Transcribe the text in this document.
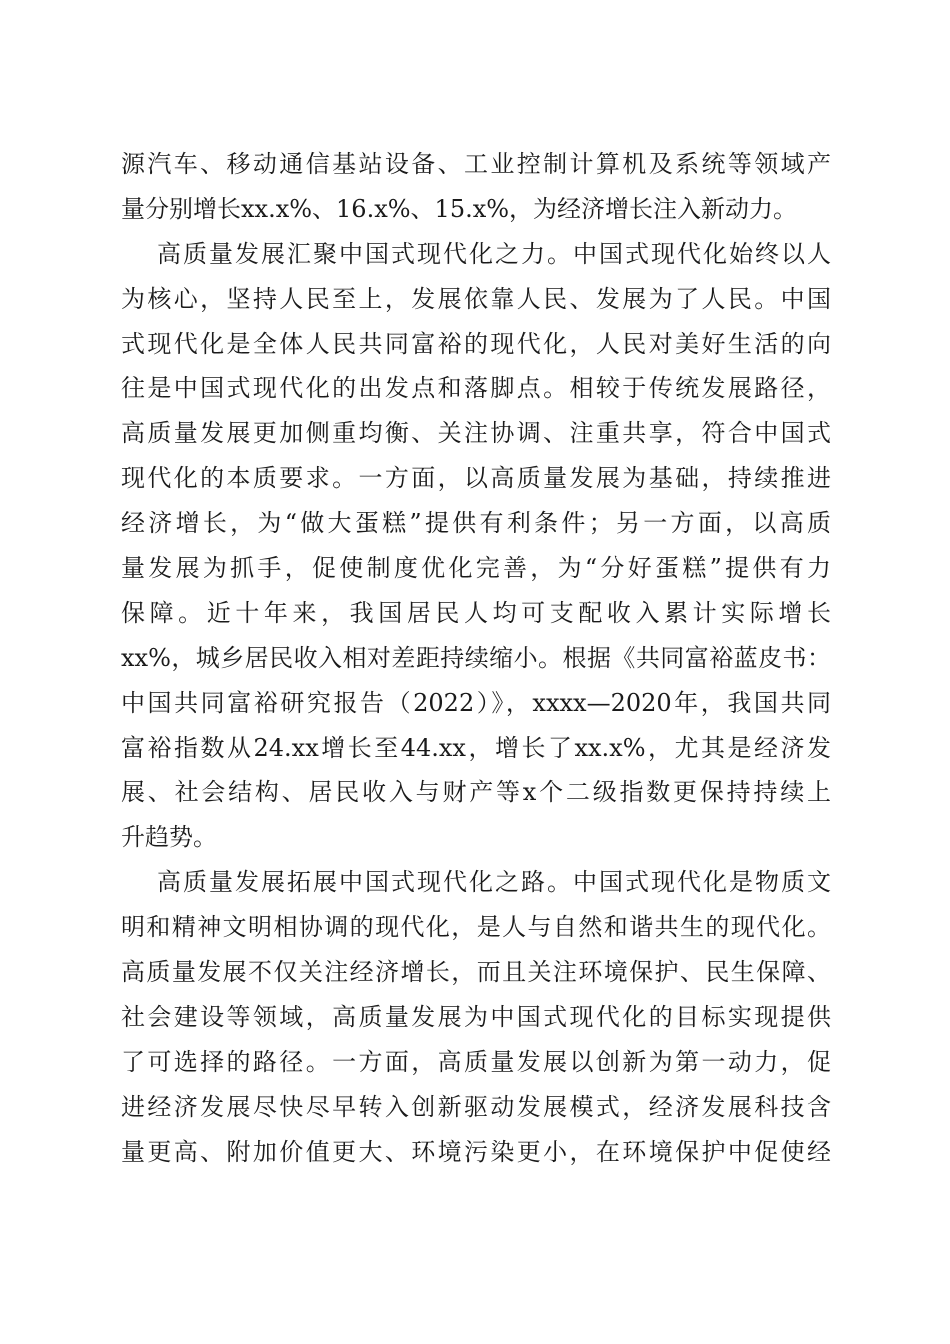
源汽车、移动通信基站设备、工业控制计算机及系统等领域产
量分别增长xx.x%、16.x%、15.x%，为经济增长注入新动力。
高质量发展汇聚中国式现代化之力。中国式现代化始终以人
为核心，坚持人民至上，发展依靠人民、发展为了人民。中国
式现代化是全体人民共同富裕的现代化，人民对美好生活的向
往是中国式现代化的出发点和落脚点。相较于传统发展路径，
高质量发展更加侧重均衡、关注协调、注重共享，符合中国式
现代化的本质要求。一方面，以高质量发展为基础，持续推进
经济增长，为“做大蛋糕”提供有利条件；另一方面，以高质
量发展为抓手，促使制度优化完善，为“分好蛋糕”提供有力
保障。近十年来，我国居民人均可支配收入累计实际增长
xx%，城乡居民收入相对差距持续缩小。根据《共同富裕蓝皮书：
中国共同富裕研究报告（2022）》，xxxx—2020年，我国共同
富裕指数从24.xx增长至44.xx，增长了xx.x%，尤其是经济发
展、社会结构、居民收入与财产等x个二级指数更保持持续上
升趋势。
高质量发展拓展中国式现代化之路。中国式现代化是物质文
明和精神文明相协调的现代化，是人与自然和谐共生的现代化。
高质量发展不仅关注经济增长，而且关注环境保护、民生保障、
社会建设等领域，高质量发展为中国式现代化的目标实现提供
了可选择的路径。一方面，高质量发展以创新为第一动力，促
进经济发展尽快尽早转入创新驱动发展模式，经济发展科技含
量更高、附加价值更大、环境污染更小，在环境保护中促使经
